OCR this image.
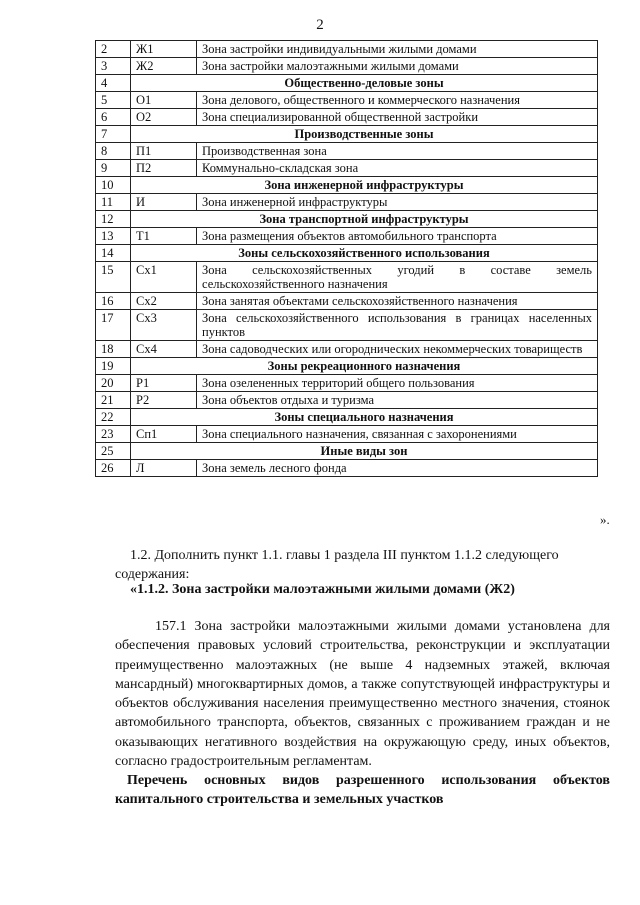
2
2	Ж1	Зона застройки индивидуальными жилыми домами
3	Ж2	Зона застройки малоэтажными жилыми домами
4	Общественно-деловые зоны	
5	О1	Зона делового, общественного и коммерческого назначения
6	О2	Зона специализированной общественной застройки
7	Производственные зоны	
8	П1	Производственная зона
9	П2	Коммунально-складская зона
10	Зона инженерной инфраструктуры	
11	И	Зона инженерной инфраструктуры
12	Зона транспортной инфраструктуры	
13	Т1	Зона размещения объектов автомобильного транспорта
14	Зоны сельскохозяйственного использования	
15	Сх1	Зона сельскохозяйственных угодий в составе земель сельскохозяйственного назначения
16	Сх2	Зона занятая объектами сельскохозяйственного назначения
17	Сх3	Зона сельскохозяйственного использования в границах населенных пунктов
18	Сх4	Зона садоводческих или огороднических некоммерческих товариществ
19	Зоны рекреационного назначения	
20	Р1	Зона озелененных территорий общего пользования
21	Р2	Зона объектов отдыха и туризма
22	Зоны специального назначения	
23	Сп1	Зона специального назначения, связанная с захоронениями
25	Иные виды зон	
26	Л	Зона земель лесного фонда
».

1.2. Дополнить пункт 1.1. главы 1 раздела III пунктом 1.1.2 следующего
содержания:

«1.1.2. Зона застройки малоэтажными жилыми домами (Ж2)

157.1 Зона застройки малоэтажными жилыми домами установлена для обеспечения правовых условий строительства, реконструкции и эксплуатации преимущественно малоэтажных (не выше 4 надземных этажей, включая мансардный) многоквартирных домов, а также сопутствующей инфраструктуры и объектов обслуживания населения преимущественно местного значения, стоянок автомобильного транспорта, объектов, связанных с проживанием граждан и не оказывающих негативного воздействия на окружающую среду, иных объектов, согласно градостроительным регламентам.

Перечень основных видов разрешенного использования объектов капитального строительства и земельных участков
